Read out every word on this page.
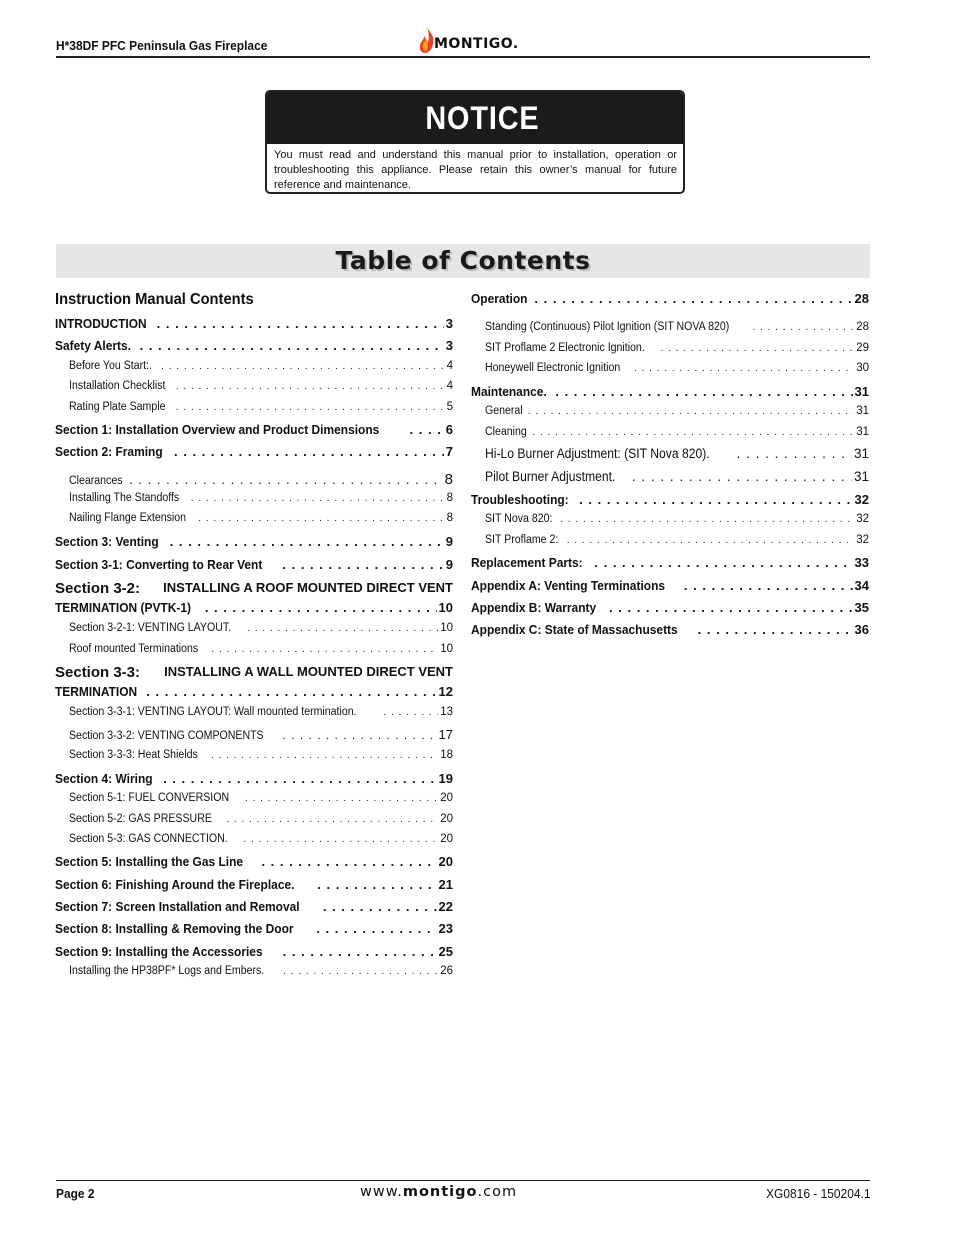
H*38DF PFC Peninsula Gas Fireplace	MONTIGO.
NOTICE
You must read and understand this manual prior to installation, operation or troubleshooting this appliance. Please retain this owner’s manual for future reference and maintenance.
Table of Contents
Instruction Manual Contents
INTRODUCTION . . .	3
Safety Alerts. . . .	3
Before You Start:. . . .	4
Installation Checklist . . .	4
Rating Plate Sample . . .	5
Section 1: Installation Overview and Product Dimensions . . .	6
Section 2: Framing . . .	7
Clearances . . .	8
Installing The Standoffs . . .	8
Nailing Flange Extension . . .	8
Section 3: Venting . . .	9
Section 3-1: Converting to Rear Vent . . .	9
Section 3-2: INSTALLING A ROOF MOUNTED DIRECT VENT
TERMINATION (PVTK-1) . . .	10
Section 3-2-1: VENTING LAYOUT. . . .	10
Roof mounted Terminations . . .	10
Section 3-3: INSTALLING A WALL MOUNTED DIRECT VENT
TERMINATION . . .	12
Section 3-3-1: VENTING LAYOUT: Wall mounted termination. . . .	13
Section 3-3-2: VENTING COMPONENTS . . .	17
Section 3-3-3: Heat Shields . . .	18
Section 4: Wiring . . .	19
Section 5-1: FUEL CONVERSION . . .	20
Section 5-2: GAS PRESSURE . . .	20
Section 5-3: GAS CONNECTION. . . .	20
Section 5: Installing the Gas Line . . .	20
Section 6: Finishing Around the Fireplace. . . .	21
Section 7: Screen Installation and Removal . . .	22
Section 8: Installing & Removing the Door . . .	23
Section 9: Installing the Accessories . . .	25
Installing the HP38PF* Logs and Embers. . . .	26
Operation . . .	28
Standing (Continuous) Pilot Ignition (SIT NOVA 820) . . .	28
SIT Proflame 2 Electronic Ignition. . . .	29
Honeywell Electronic Ignition . . .	30
Maintenance. . . .	31
General . . .	31
Cleaning . . .	31
Hi-Lo Burner Adjustment: (SIT Nova 820). . . .	31
Pilot Burner Adjustment. . . .	31
Troubleshooting: . . .	32
SIT Nova 820: . . .	32
SIT Proflame 2: . . .	32
Replacement Parts: . . .	33
Appendix A: Venting Terminations . . .	34
Appendix B: Warranty . . .	35
Appendix C: State of Massachusetts . . .	36
Page 2	www.montigo.com	XG0816 - 150204.1
